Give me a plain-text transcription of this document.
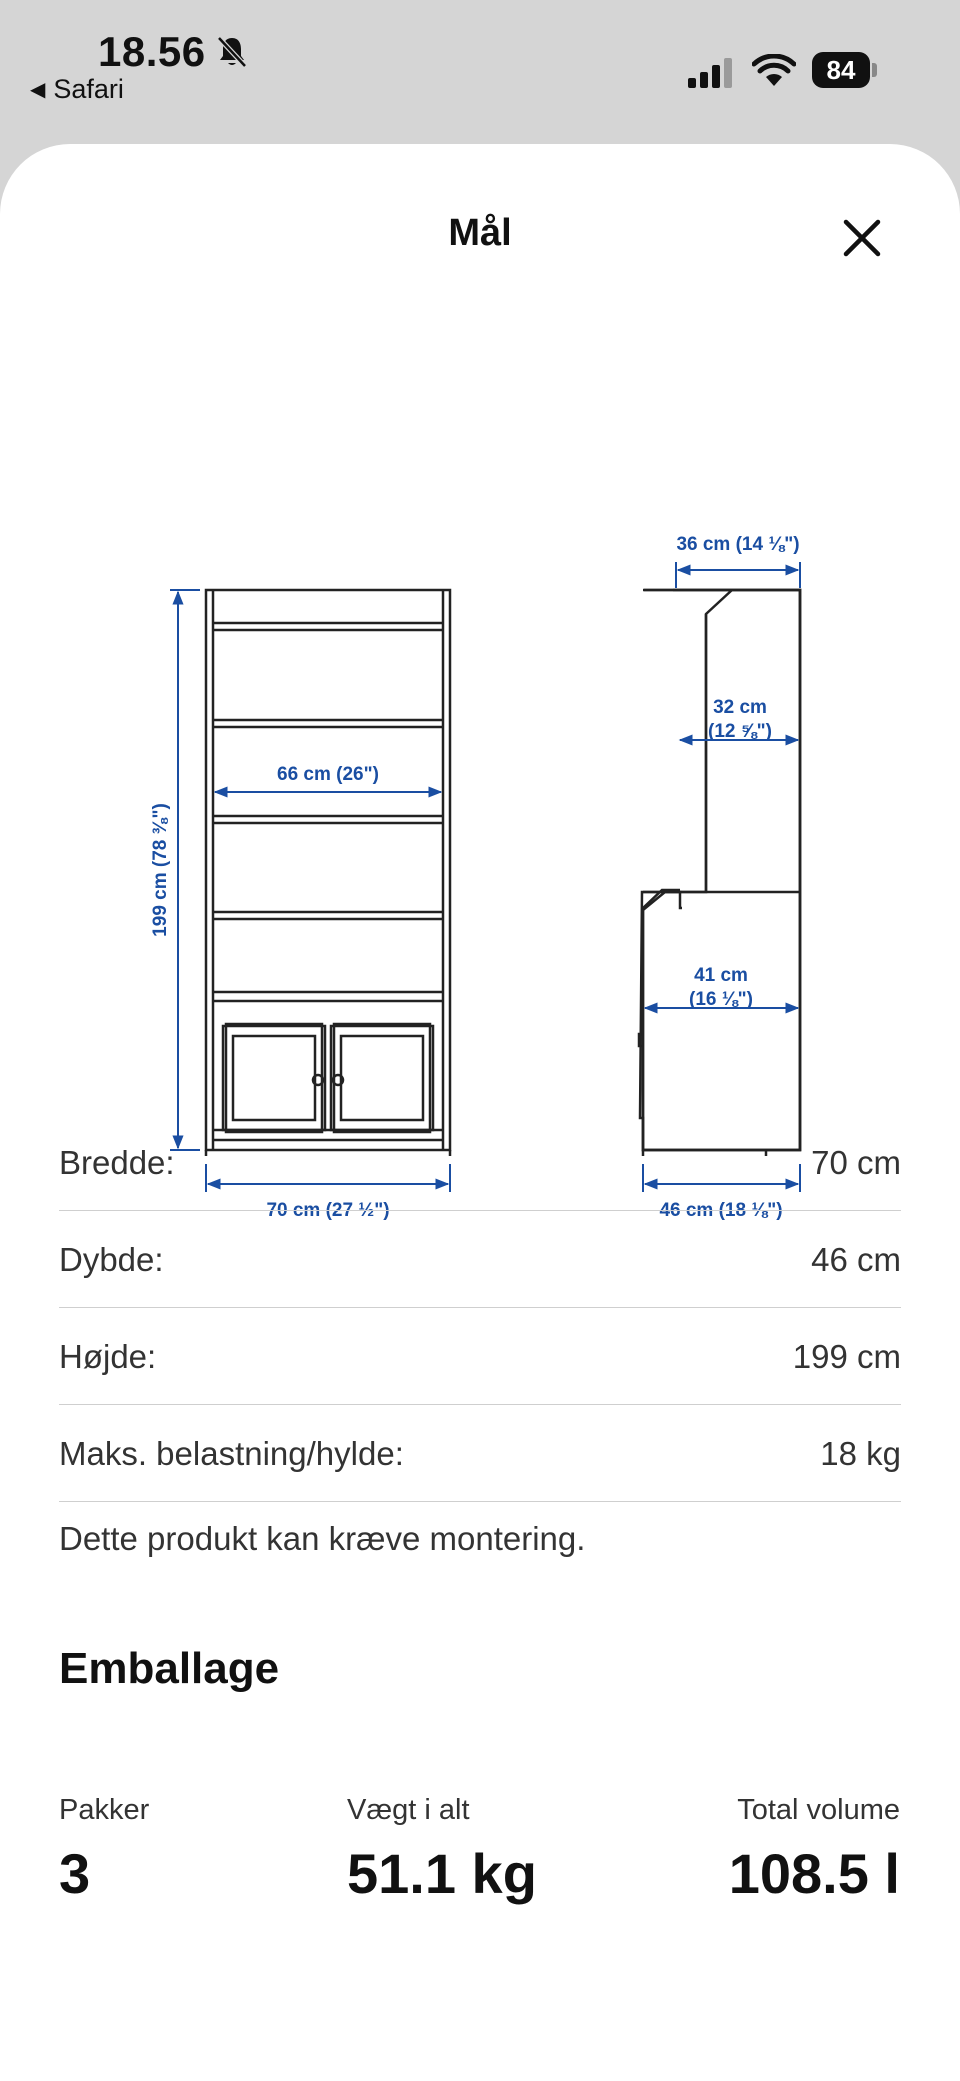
18.56
◀ Safari
84
Mål
66 cm (26")
70 cm (27 ½")
199 cm (78 ⅜")
36 cm (14 ⅛")
32 cm
(12 ⅝")
41 cm
(16 ⅛")
46 cm (18 ⅛")
Bredde:	70 cm
Dybde:	46 cm
Højde:	199 cm
Maks. belastning/hylde:	18 kg
Dette produkt kan kræve montering.
Emballage
Pakker
3
Vægt i alt
51.1 kg
Total volume
108.5 l
